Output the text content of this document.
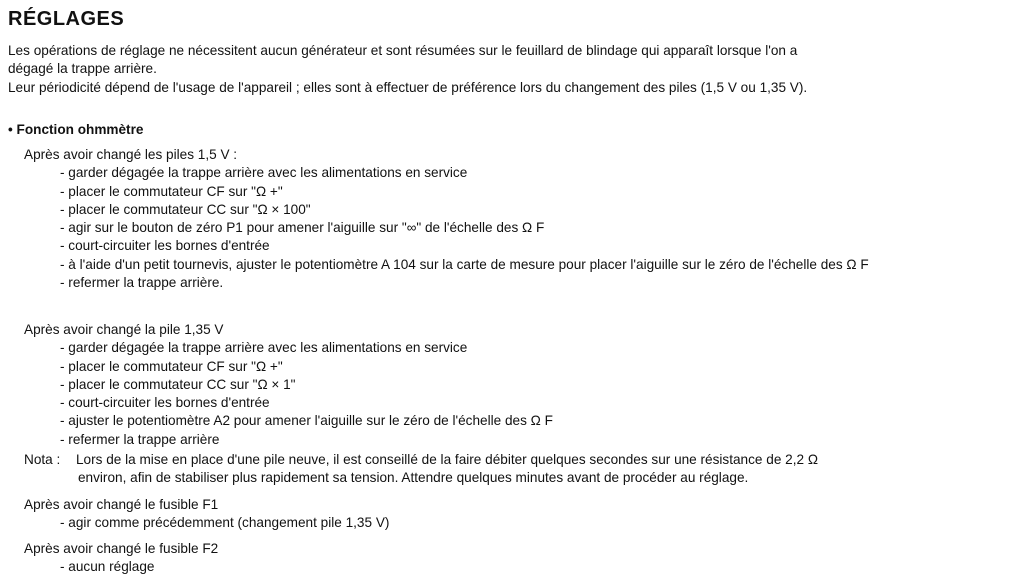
RÉGLAGES

Les opérations de réglage ne nécessitent aucun générateur et sont résumées sur le feuillard de blindage qui apparaît lorsque l'on a

dégagé la trappe arrière.

Leur périodicité dépend de l'usage de l'appareil ; elles sont à effectuer de préférence lors du changement des piles (1,5 V ou 1,35 V).

• Fonction ohmmètre

Après avoir changé les piles 1,5 V :

- garder dégagée la trappe arrière avec les alimentations en service
- placer le commutateur CF sur "Ω +"
- placer le commutateur CC sur "Ω × 100"
- agir sur le bouton de zéro P1 pour amener l'aiguille sur "∞" de l'échelle des Ω F
- court-circuiter les bornes d'entrée
- à l'aide d'un petit tournevis, ajuster le potentiomètre A 104 sur la carte de mesure pour placer l'aiguille sur le zéro de l'échelle des Ω F
- refermer la trappe arrière.

Après avoir changé la pile 1,35 V

- garder dégagée la trappe arrière avec les alimentations en service
- placer le commutateur CF sur "Ω +"
- placer le commutateur CC sur "Ω × 1"
- court-circuiter les bornes d'entrée
- ajuster le potentiomètre A2 pour amener l'aiguille sur le zéro de l'échelle des Ω F
- refermer la trappe arrière
Nota : Lors de la mise en place d'une pile neuve, il est conseillé de la faire débiter quelques secondes sur une résistance de 2,2 Ω
environ, afin de stabiliser plus rapidement sa tension. Attendre quelques minutes avant de procéder au réglage.

Après avoir changé le fusible F1

- agir comme précédemment (changement pile 1,35 V)

Après avoir changé le fusible F2

- aucun réglage
